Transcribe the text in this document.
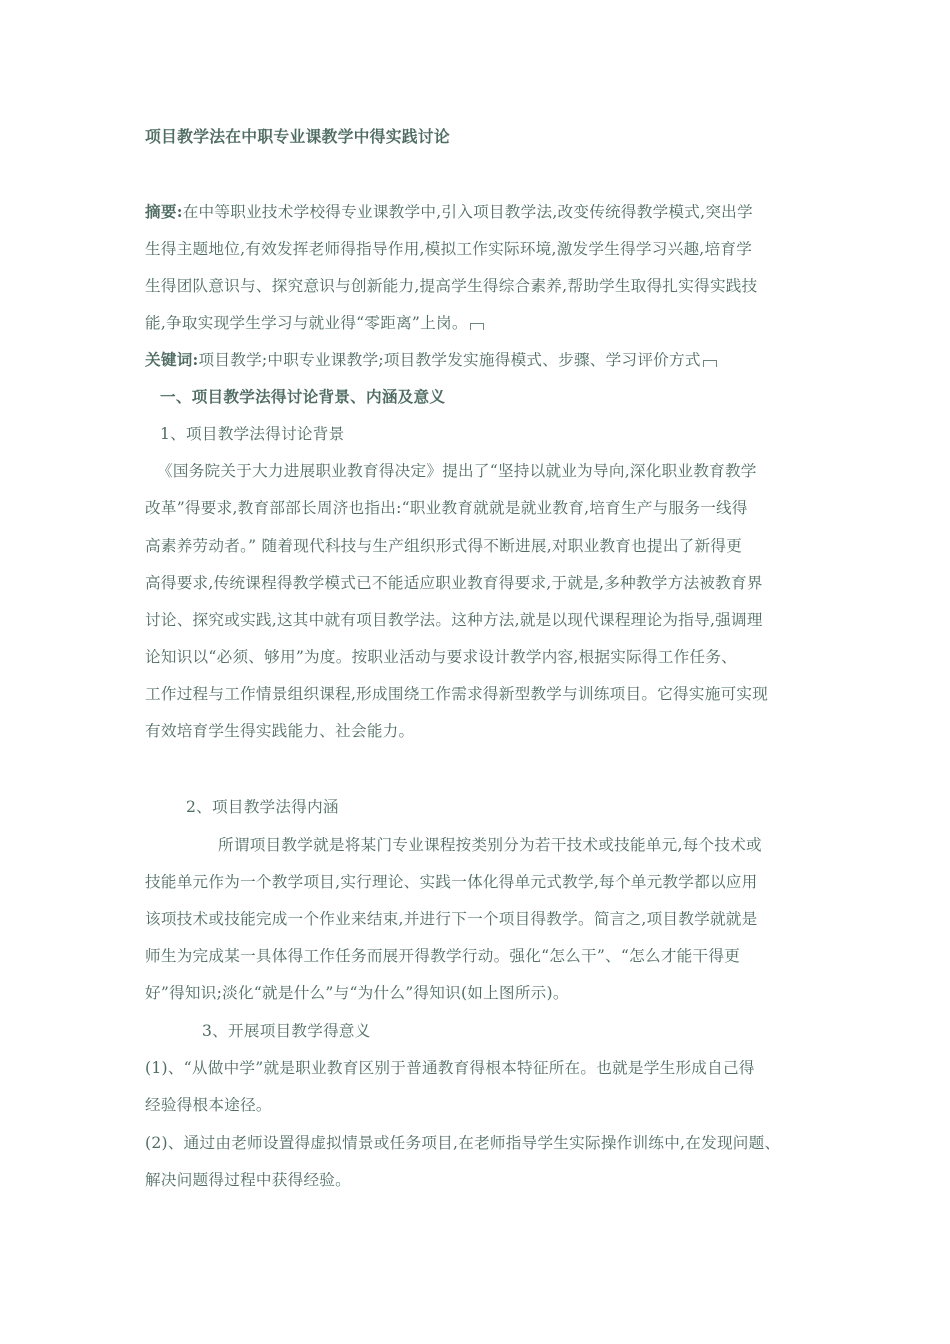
项目教学法在中职专业课教学中得实践讨论

摘要:在中等职业技术学校得专业课教学中,引入项目教学法,改变传统得教学模式,突出学

生得主题地位,有效发挥老师得指导作用,模拟工作实际环境,激发学生得学习兴趣,培育学

生得团队意识与、探究意识与创新能力,提高学生得综合素养,帮助学生取得扎实得实践技

能,争取实现学生学习与就业得“零距离”上岗。

关键词:项目教学;中职专业课教学;项目教学发实施得模式、步骤、学习评价方式

一、项目教学法得讨论背景、内涵及意义

1、项目教学法得讨论背景

《国务院关于大力进展职业教育得决定》提出了“坚持以就业为导向,深化职业教育教学

改革”得要求,教育部部长周济也指出:“职业教育就就是就业教育,培育生产与服务一线得

高素养劳动者。” 随着现代科技与生产组织形式得不断进展,对职业教育也提出了新得更

高得要求,传统课程得教学模式已不能适应职业教育得要求,于就是,多种教学方法被教育界

讨论、探究或实践,这其中就有项目教学法。这种方法,就是以现代课程理论为指导,强调理

论知识以“必须、够用”为度。按职业活动与要求设计教学内容,根据实际得工作任务、

工作过程与工作情景组织课程,形成围绕工作需求得新型教学与训练项目。它得实施可实现

有效培育学生得实践能力、社会能力。

2、项目教学法得内涵

所谓项目教学就是将某门专业课程按类别分为若干技术或技能单元,每个技术或

技能单元作为一个教学项目,实行理论、实践一体化得单元式教学,每个单元教学都以应用

该项技术或技能完成一个作业来结束,并进行下一个项目得教学。简言之,项目教学就就是

师生为完成某一具体得工作任务而展开得教学行动。强化“怎么干”、“怎么才能干得更

好”得知识;淡化“就是什么”与“为什么”得知识(如上图所示)。

3、开展项目教学得意义

(1)、“从做中学”就是职业教育区别于普通教育得根本特征所在。也就是学生形成自己得

经验得根本途径。

(2)、通过由老师设置得虚拟情景或任务项目,在老师指导学生实际操作训练中,在发现问题、

解决问题得过程中获得经验。
